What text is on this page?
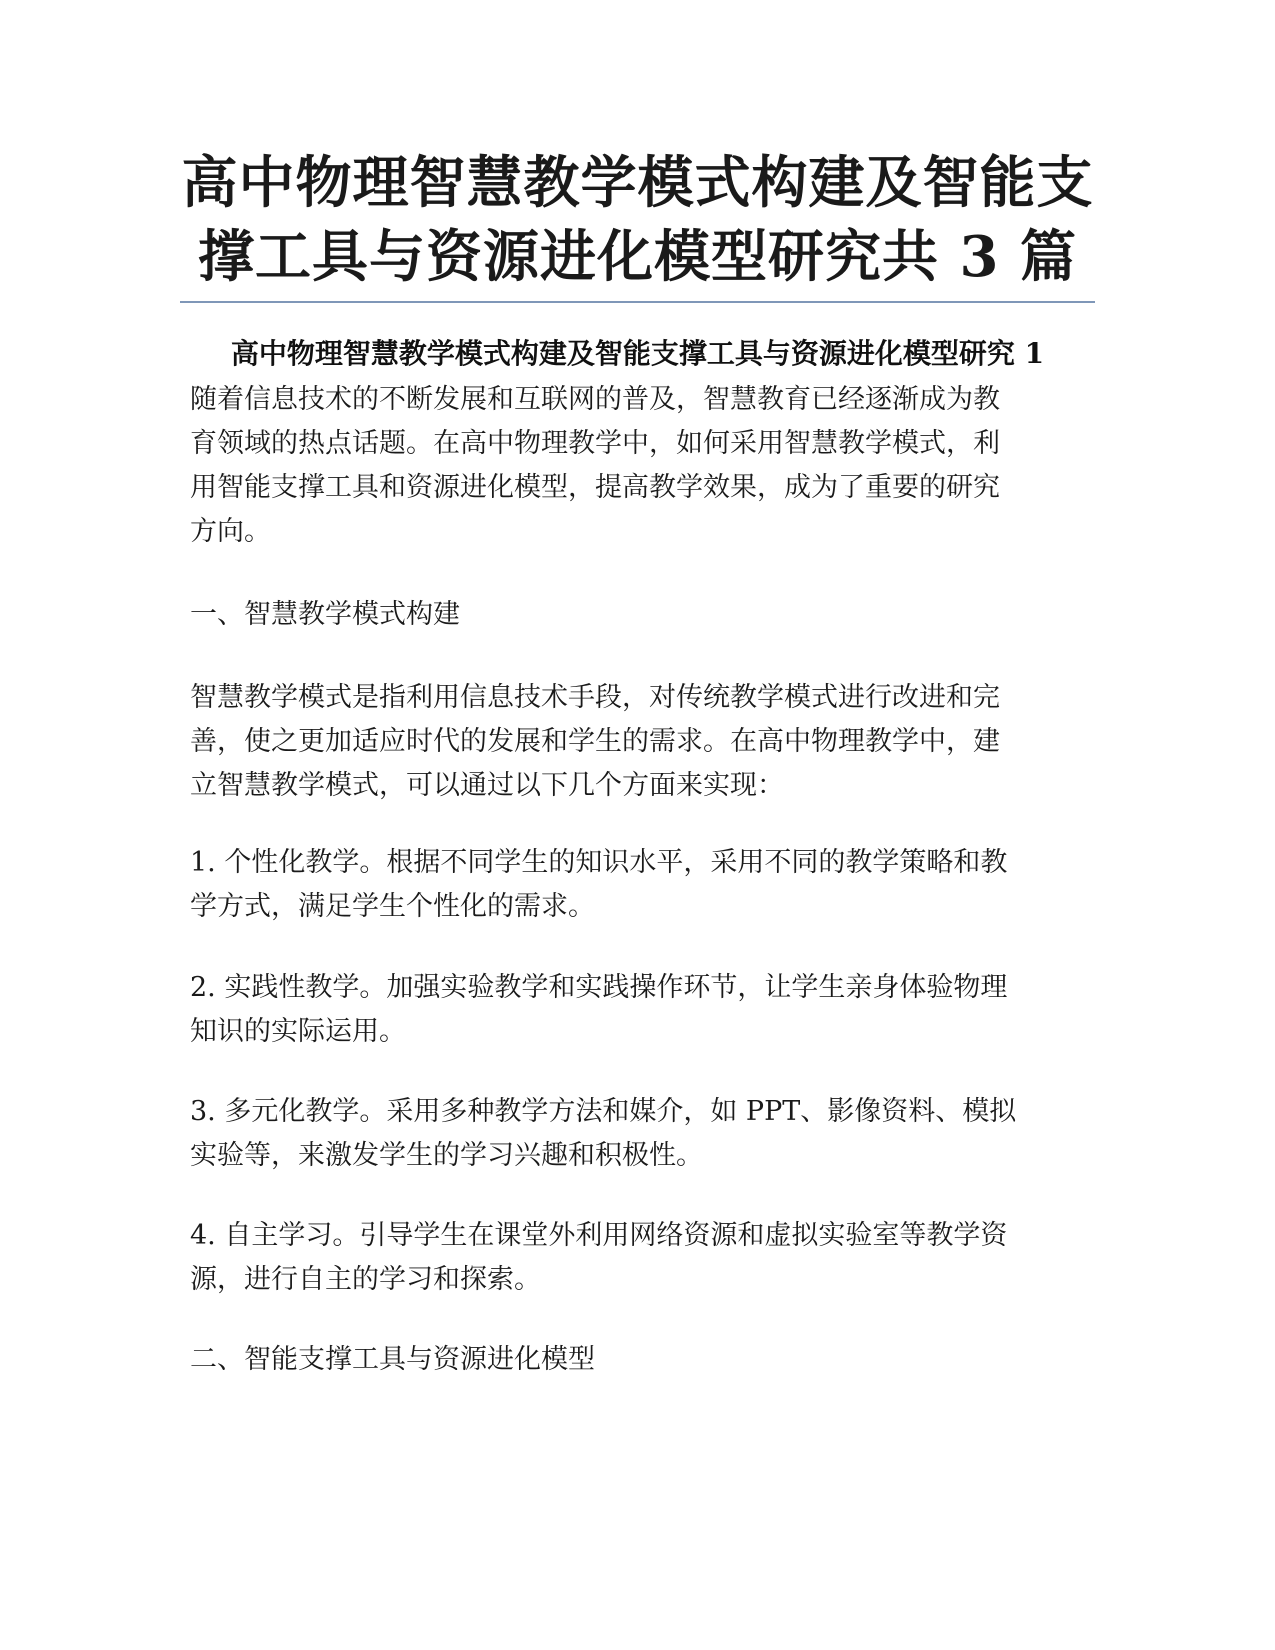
高中物理智慧教学模式构建及智能支
撑工具与资源进化模型研究共 3 篇
高中物理智慧教学模式构建及智能支撑工具与资源进化模型研究 1
随着信息技术的不断发展和互联网的普及，智慧教育已经逐渐成为教
育领域的热点话题。在高中物理教学中，如何采用智慧教学模式，利
用智能支撑工具和资源进化模型，提高教学效果，成为了重要的研究
方向。
一、智慧教学模式构建
智慧教学模式是指利用信息技术手段，对传统教学模式进行改进和完
善，使之更加适应时代的发展和学生的需求。在高中物理教学中，建
立智慧教学模式，可以通过以下几个方面来实现：
1. 个性化教学。根据不同学生的知识水平，采用不同的教学策略和教
学方式，满足学生个性化的需求。
2. 实践性教学。加强实验教学和实践操作环节，让学生亲身体验物理
知识的实际运用。
3. 多元化教学。采用多种教学方法和媒介，如 PPT、影像资料、模拟
实验等，来激发学生的学习兴趣和积极性。
4. 自主学习。引导学生在课堂外利用网络资源和虚拟实验室等教学资
源，进行自主的学习和探索。
二、智能支撑工具与资源进化模型
